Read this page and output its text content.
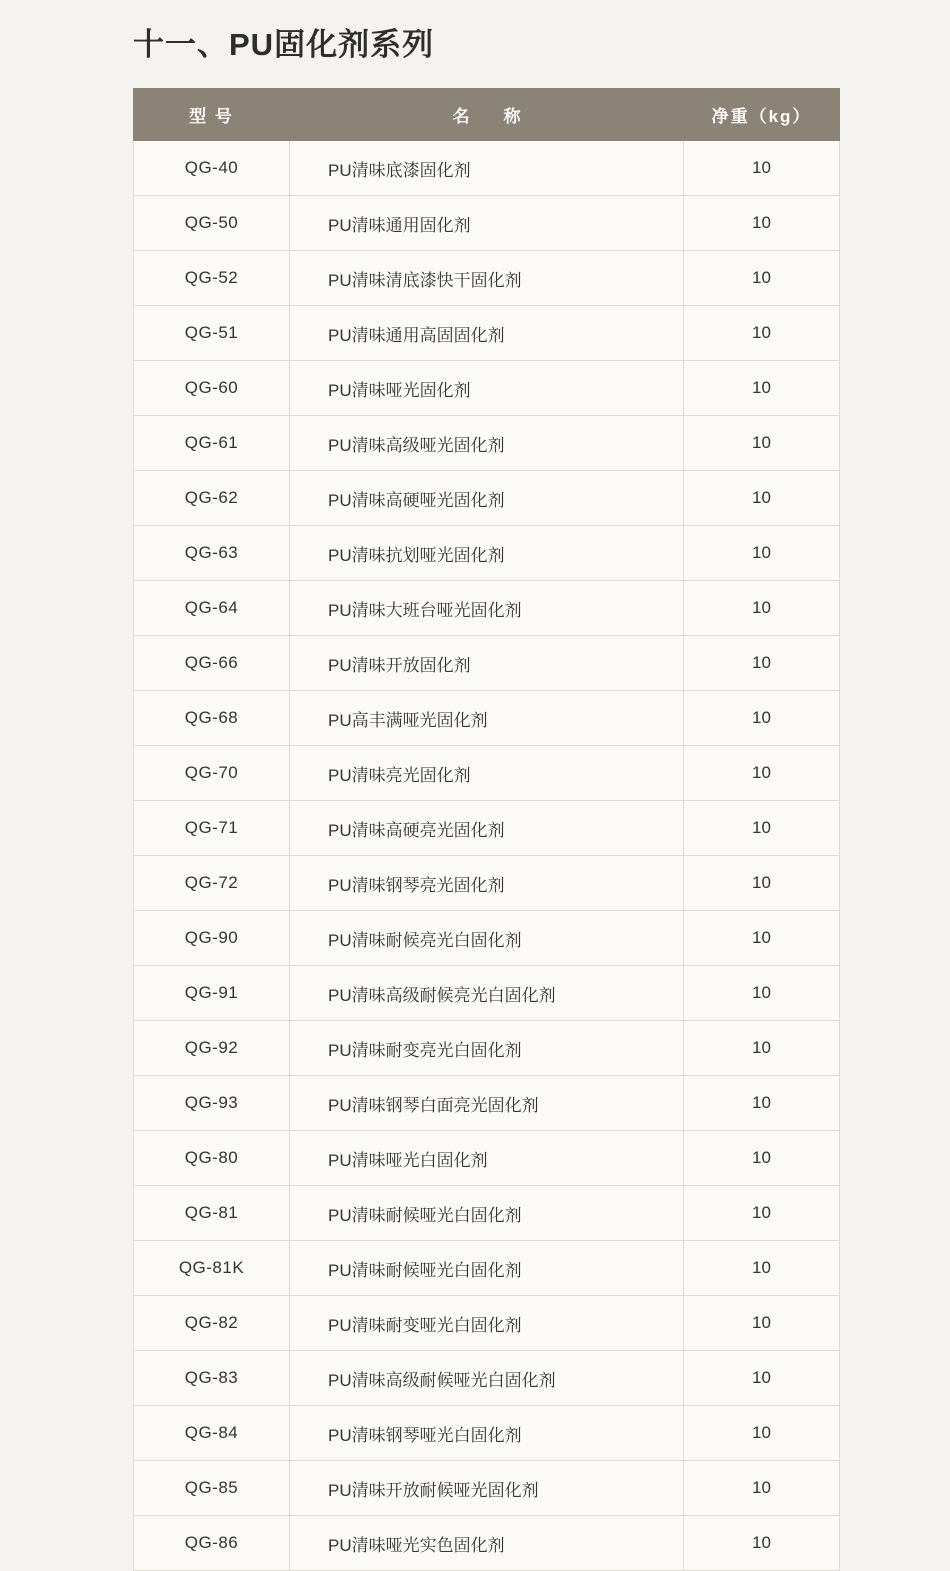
十一、PU固化剂系列
型 号	名　　称	净重（kg）
QG-40	PU清味底漆固化剂	10
QG-50	PU清味通用固化剂	10
QG-52	PU清味清底漆快干固化剂	10
QG-51	PU清味通用高固固化剂	10
QG-60	PU清味哑光固化剂	10
QG-61	PU清味高级哑光固化剂	10
QG-62	PU清味高硬哑光固化剂	10
QG-63	PU清味抗划哑光固化剂	10
QG-64	PU清味大班台哑光固化剂	10
QG-66	PU清味开放固化剂	10
QG-68	PU高丰满哑光固化剂	10
QG-70	PU清味亮光固化剂	10
QG-71	PU清味高硬亮光固化剂	10
QG-72	PU清味钢琴亮光固化剂	10
QG-90	PU清味耐候亮光白固化剂	10
QG-91	PU清味高级耐候亮光白固化剂	10
QG-92	PU清味耐变亮光白固化剂	10
QG-93	PU清味钢琴白面亮光固化剂	10
QG-80	PU清味哑光白固化剂	10
QG-81	PU清味耐候哑光白固化剂	10
QG-81K	PU清味耐候哑光白固化剂	10
QG-82	PU清味耐变哑光白固化剂	10
QG-83	PU清味高级耐候哑光白固化剂	10
QG-84	PU清味钢琴哑光白固化剂	10
QG-85	PU清味开放耐候哑光固化剂	10
QG-86	PU清味哑光实色固化剂	10
